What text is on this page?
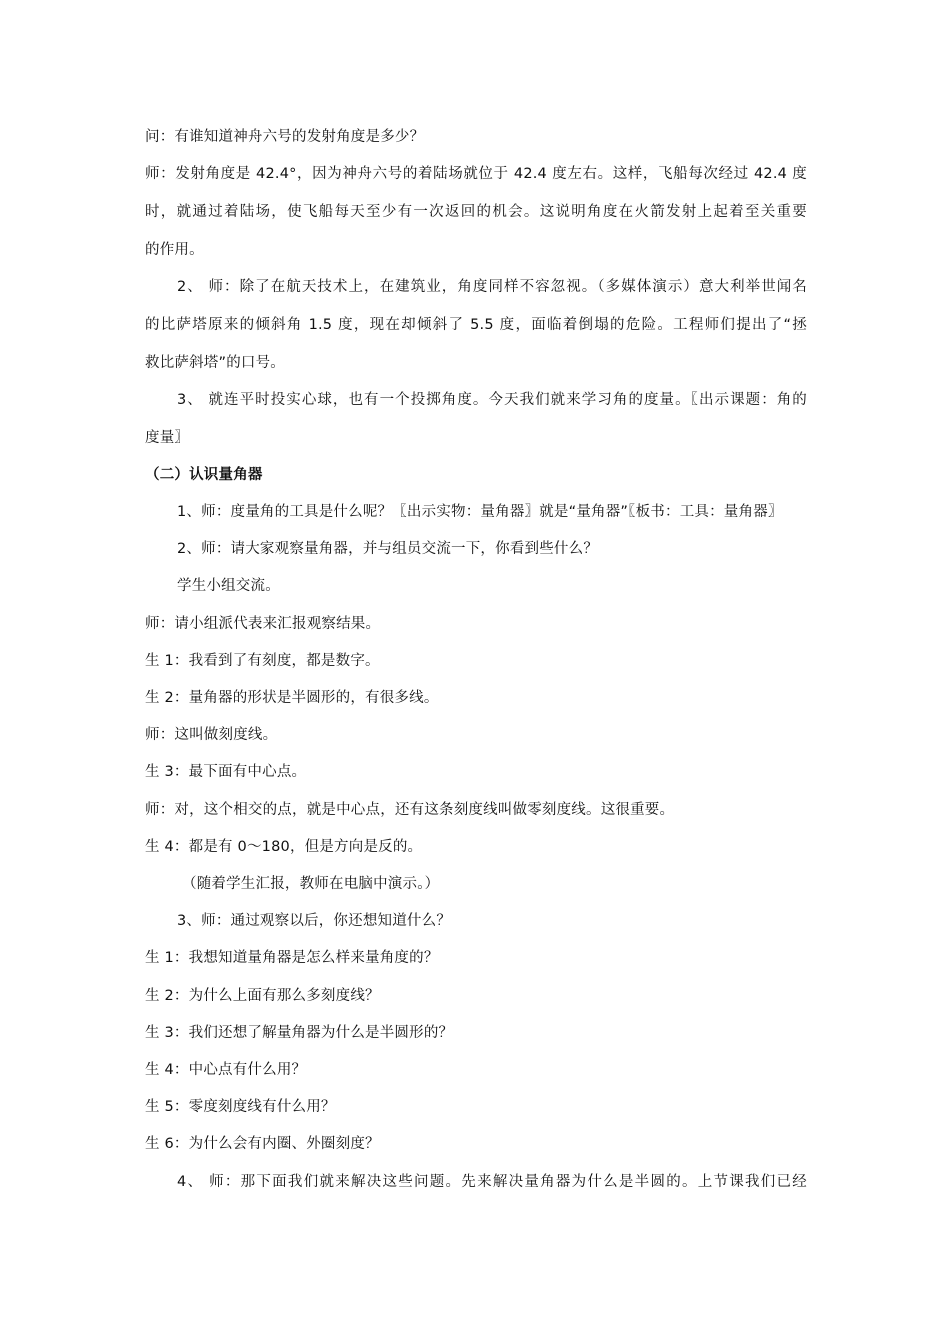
问：有谁知道神舟六号的发射角度是多少？
师：发射角度是 42.4°，因为神舟六号的着陆场就位于 42.4 度左右。这样，飞船每次经过 42.4 度
时，就通过着陆场，使飞船每天至少有一次返回的机会。这说明角度在火箭发射上起着至关重要
的作用。
2、 师：除了在航天技术上，在建筑业，角度同样不容忽视。（多媒体演示）意大利举世闻名
的比萨塔原来的倾斜角 1.5 度，现在却倾斜了 5.5 度，面临着倒塌的危险。工程师们提出了“拯
救比萨斜塔”的口号。
3、 就连平时投实心球，也有一个投掷角度。今天我们就来学习角的度量。〖出示课题：角的
度量〗
（二）认识量角器
1、师：度量角的工具是什么呢？〖出示实物：量角器〗就是“量角器”〖板书：工具：量角器〗
2、师：请大家观察量角器，并与组员交流一下，你看到些什么？
学生小组交流。
师：请小组派代表来汇报观察结果。
生 1：我看到了有刻度，都是数字。
生 2：量角器的形状是半圆形的，有很多线。
师：这叫做刻度线。
生 3：最下面有中心点。
师：对，这个相交的点，就是中心点，还有这条刻度线叫做零刻度线。这很重要。
生 4：都是有 0～180，但是方向是反的。
（随着学生汇报，教师在电脑中演示。）
3、师：通过观察以后，你还想知道什么？
生 1：我想知道量角器是怎么样来量角度的？
生 2：为什么上面有那么多刻度线？
生 3：我们还想了解量角器为什么是半圆形的？
生 4：中心点有什么用？
生 5：零度刻度线有什么用？
生 6：为什么会有内圈、外圈刻度？
4、 师：那下面我们就来解决这些问题。先来解决量角器为什么是半圆的。上节课我们已经
